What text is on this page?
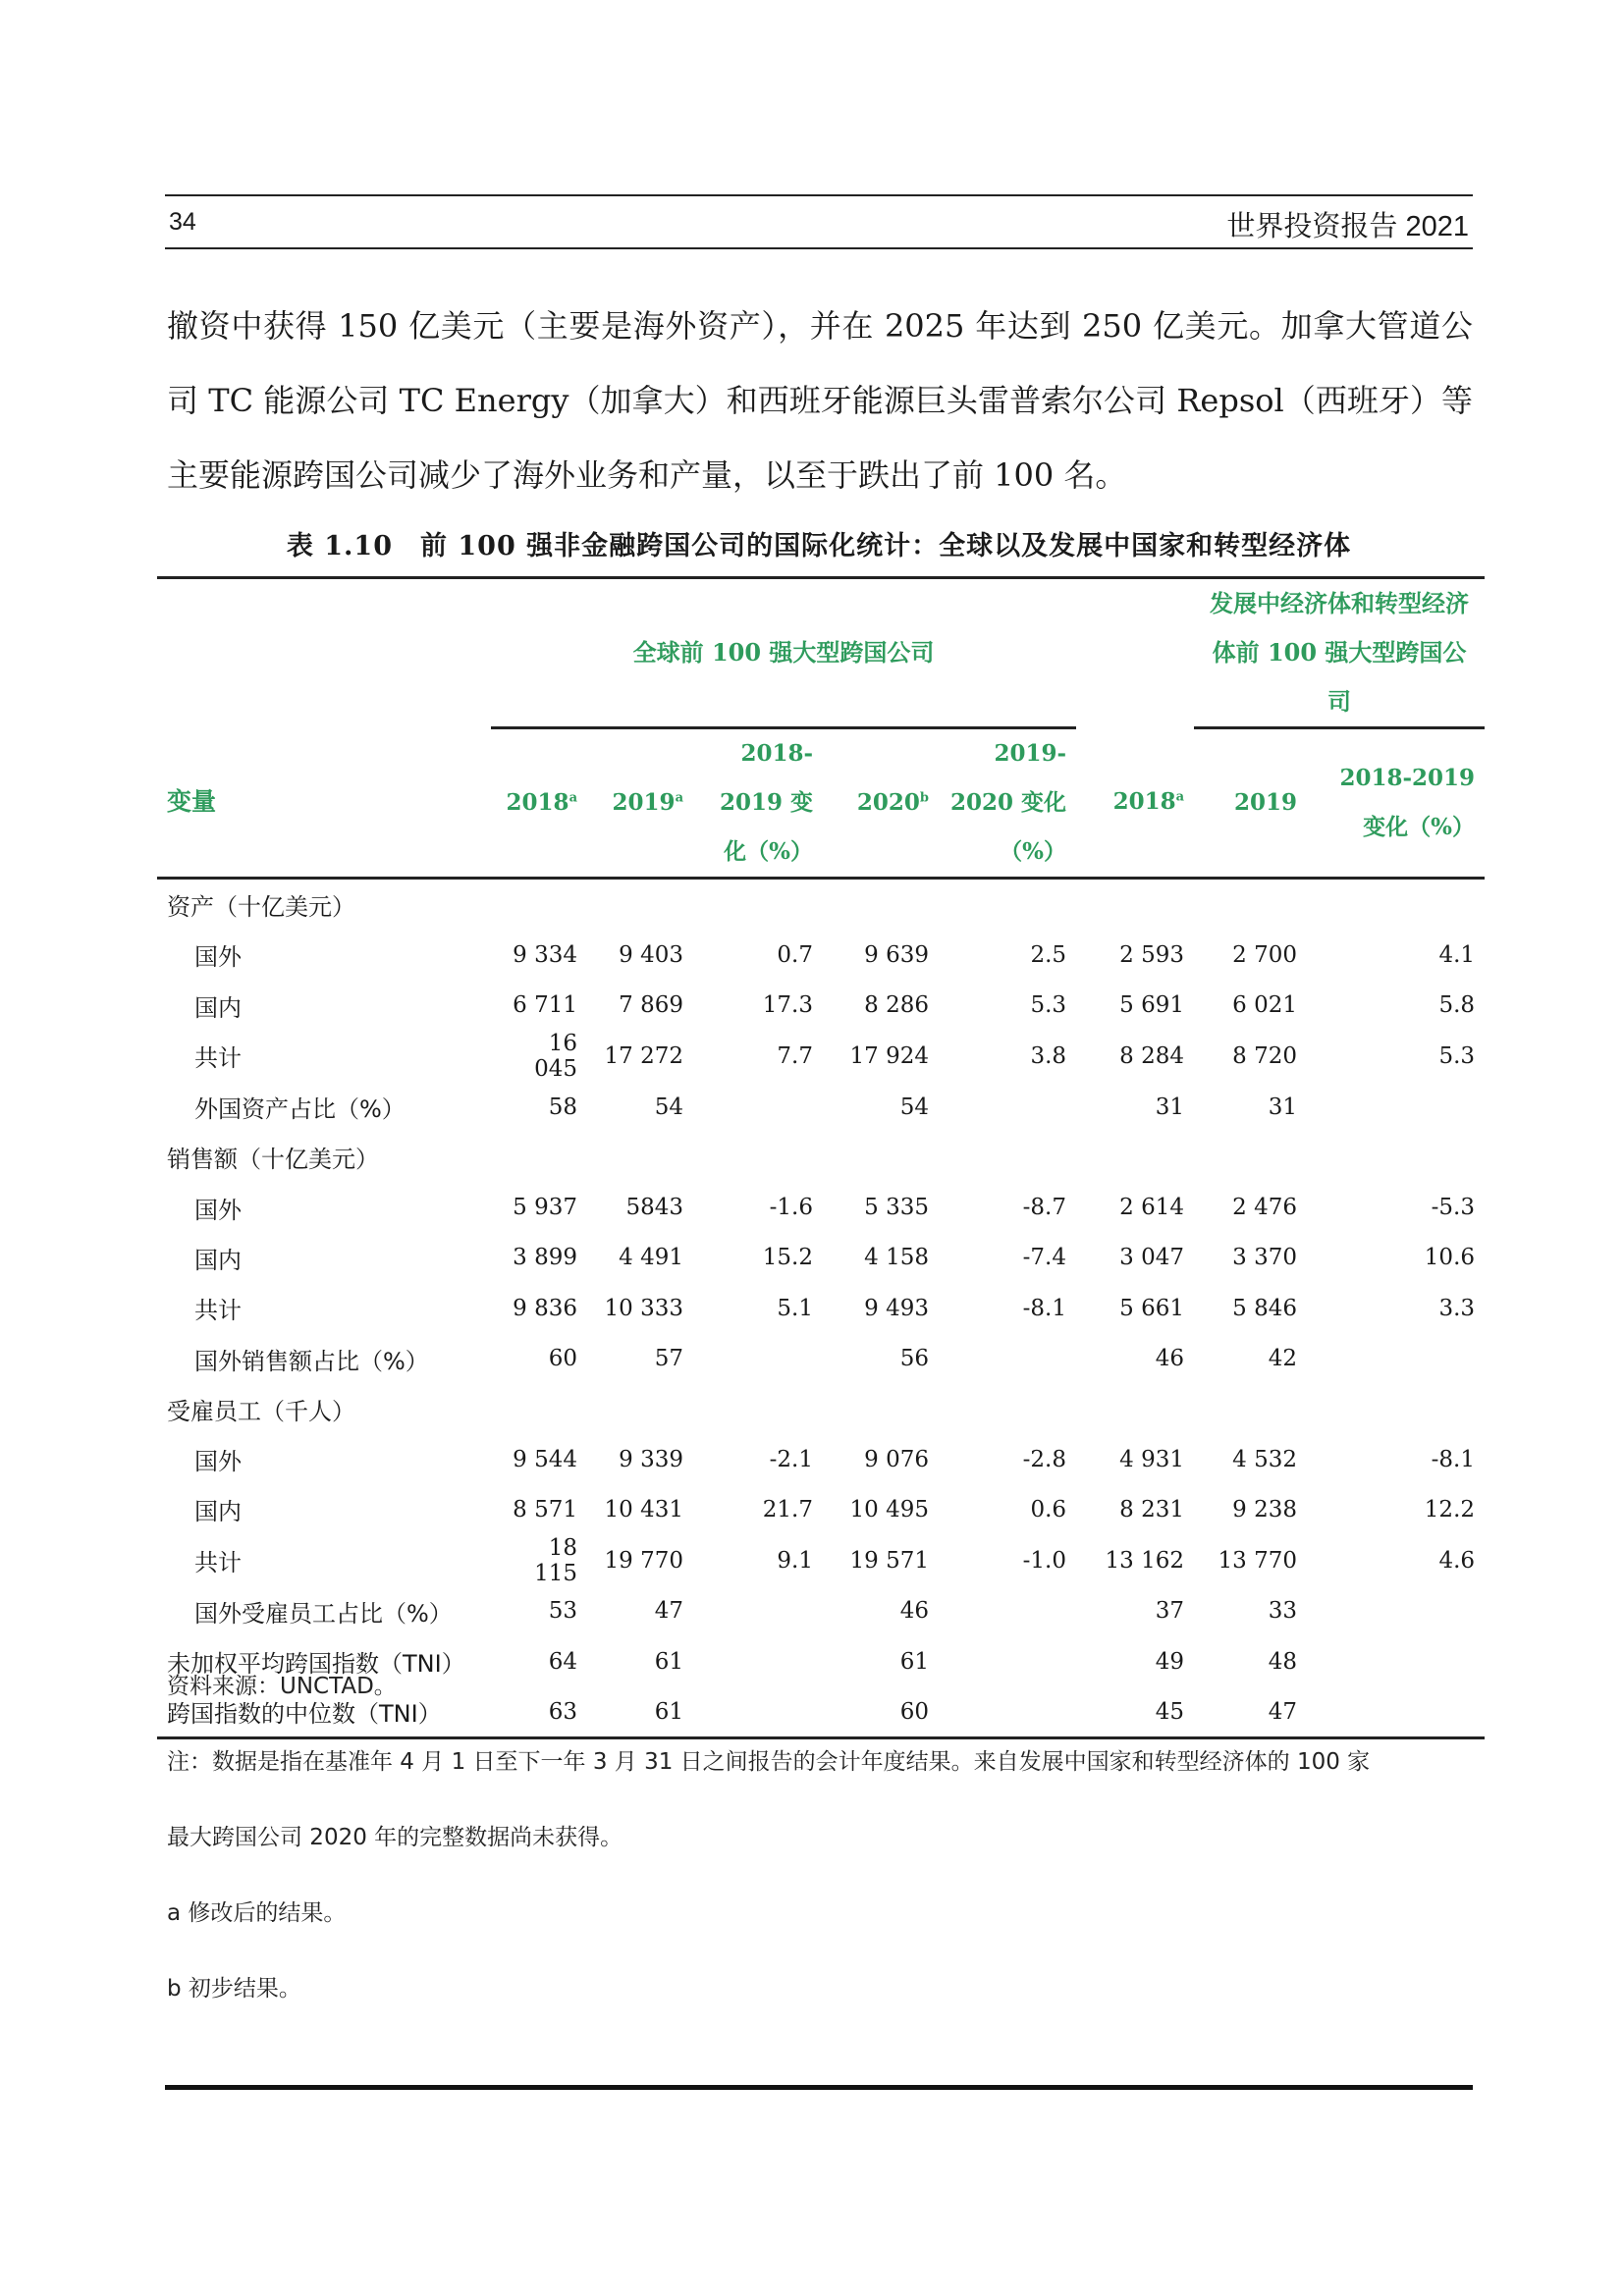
34	世界投资报告 2021

撤资中获得 150 亿美元（主要是海外资产），并在 2025 年达到 250 亿美元。加拿大管道公司 TC 能源公司 TC Energy（加拿大）和西班牙能源巨头雷普索尔公司 Repsol（西班牙）等主要能源跨国公司减少了海外业务和产量，以至于跌出了前 100 名。

表 1.10　前 100 强非金融跨国公司的国际化统计：全球以及发展中国家和转型经济体
	全球前 100 强大型跨国公司						发展中经济体和转型经济体前 100 强大型跨国公司	
变量	2018$^a$	2019$^a$	2018-2019 变化（%）	2020$^b$	2019-2020 变化（%）	2018$^a$	2019	2018-2019 变化（%）
资产（十亿美元）								
国外	9 334	9 403	0.7	9 639	2.5	2 593	2 700	4.1
国内	6 711	7 869	17.3	8 286	5.3	5 691	6 021	5.8
共计	16 045	17 272	7.7	17 924	3.8	8 284	8 720	5.3
外国资产占比（%）	58	54		54		31	31	
销售额（十亿美元）								
国外	5 937	5843	-1.6	5 335	-8.7	2 614	2 476	-5.3
国内	3 899	4 491	15.2	4 158	-7.4	3 047	3 370	10.6
共计	9 836	10 333	5.1	9 493	-8.1	5 661	5 846	3.3
国外销售额占比（%）	60	57		56		46	42	
受雇员工（千人）								
国外	9 544	9 339	-2.1	9 076	-2.8	4 931	4 532	-8.1
国内	8 571	10 431	21.7	10 495	0.6	8 231	9 238	12.2
共计	18 115	19 770	9.1	19 571	-1.0	13 162	13 770	4.6
国外受雇员工占比（%）	53	47		46		37	33	
未加权平均跨国指数（TNI）	64	61		61		49	48	
跨国指数的中位数（TNI）	63	61		60		45	47	

资料来源：UNCTAD。

注：数据是指在基准年 4 月 1 日至下一年 3 月 31 日之间报告的会计年度结果。来自发展中国家和转型经济体的 100 家

最大跨国公司 2020 年的完整数据尚未获得。

a 修改后的结果。

b 初步结果。
